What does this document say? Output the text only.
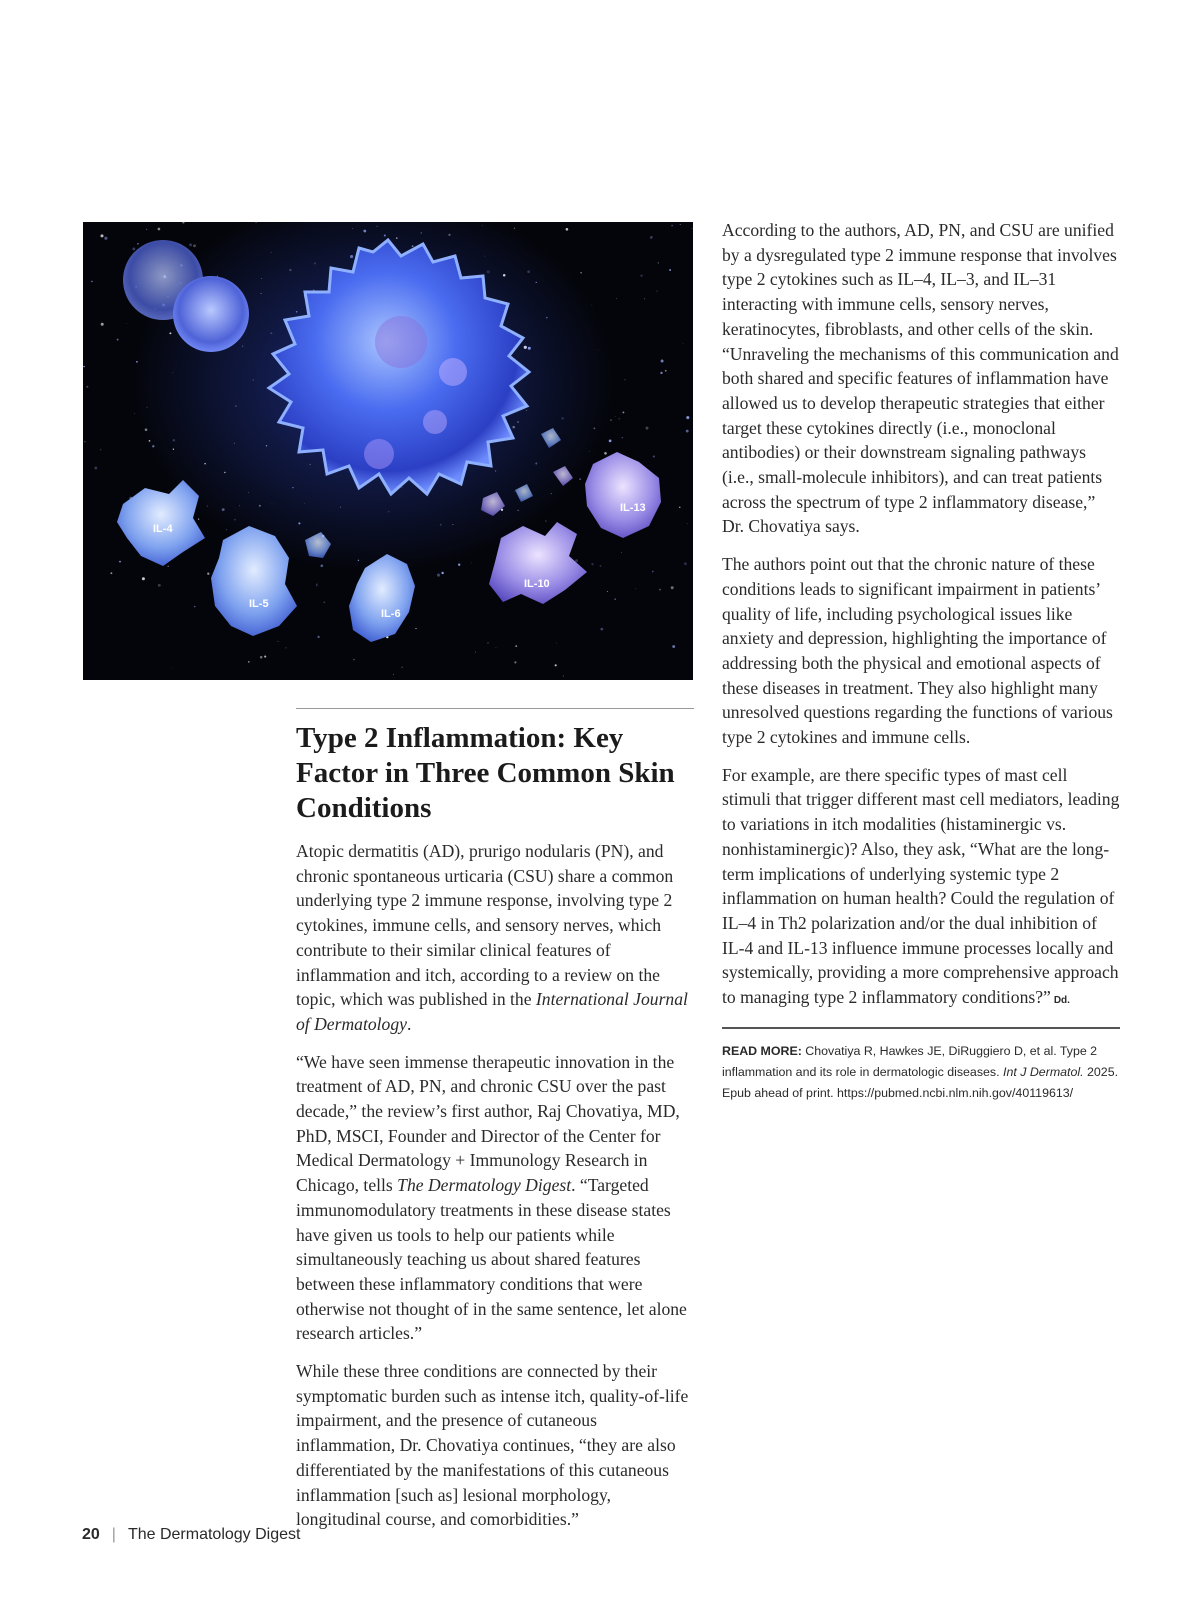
IL-4
IL-5
IL-6
IL-10
IL-13
Type 2 Inflammation: Key Factor in Three Common Skin Conditions

Atopic dermatitis (AD), prurigo nodularis (PN), and chronic spontaneous urticaria (CSU) share a common underlying type 2 immune response, involving type 2 cytokines, immune cells, and sensory nerves, which contribute to their similar clinical features of inflammation and itch, according to a review on the topic, which was published in the International Journal of Dermatology.

“We have seen immense therapeutic innovation in the treatment of AD, PN, and chronic CSU over the past decade,” the review’s first author, Raj Chovatiya, MD, PhD, MSCI, Founder and Director of the Center for Medical Dermatology + Immunology Research in Chicago, tells The Dermatology Digest. “Targeted immunomodulatory treatments in these disease states have given us tools to help our patients while simultaneously teaching us about shared features between these inflammatory conditions that were otherwise not thought of in the same sentence, let alone research articles.”

While these three conditions are connected by their symptomatic burden such as intense itch, quality-of-life impairment, and the presence of cutaneous inflammation, Dr. Chovatiya continues, “they are also differentiated by the manifestations of this cutaneous inflammation [such as] lesional morphology, longitudinal course, and comorbidities.”

According to the authors, AD, PN, and CSU are unified by a dysregulated type 2 immune response that involves type 2 cytokines such as IL–4, IL–3, and IL–31 interacting with immune cells, sensory nerves, keratinocytes, fibroblasts, and other cells of the skin. “Unraveling the mechanisms of this communication and both shared and specific features of inflammation have allowed us to develop therapeutic strategies that either target these cytokines directly (i.e., monoclonal antibodies) or their downstream signaling pathways (i.e., small-molecule inhibitors), and can treat patients across the spectrum of type 2 inflammatory disease,” Dr. Chovatiya says.

The authors point out that the chronic nature of these conditions leads to significant impairment in patients’ quality of life, including psychological issues like anxiety and depression, highlighting the importance of addressing both the physical and emotional aspects of these diseases in treatment. They also highlight many unresolved questions regarding the functions of various type 2 cytokines and immune cells.

For example, are there specific types of mast cell stimuli that trigger different mast cell mediators, leading to variations in itch modalities (histaminergic vs. nonhistaminergic)? Also, they ask, “What are the long-term implications of underlying systemic type 2 inflammation on human health? Could the regulation of IL–4 in Th2 polarization and/or the dual inhibition of IL-4 and IL-13 influence immune processes locally and systemically, providing a more comprehensive approach to managing type 2 inflammatory conditions?” Dd.

READ MORE: Chovatiya R, Hawkes JE, DiRuggiero D, et al. Type 2 inflammation and its role in dermatologic diseases. Int J Dermatol. 2025. Epub ahead of print. https://pubmed.ncbi.nlm.nih.gov/40119613/

20 | The Dermatology Digest
